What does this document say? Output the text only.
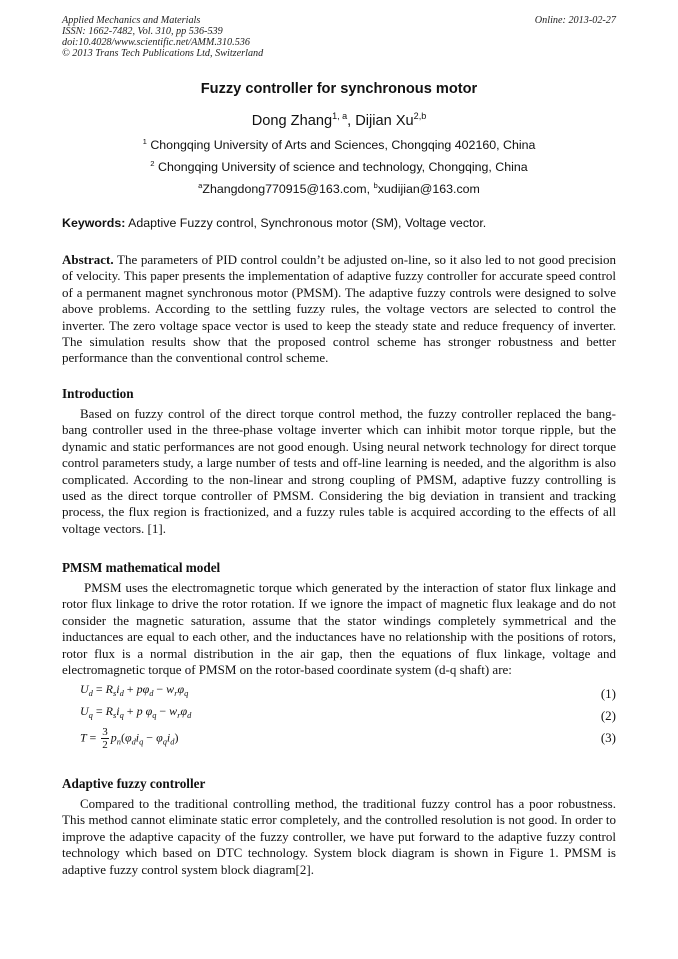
Applied Mechanics and Materials
ISSN: 1662-7482, Vol. 310, pp 536-539
doi:10.4028/www.scientific.net/AMM.310.536
© 2013 Trans Tech Publications Ltd, Switzerland
Online: 2013-02-27
Fuzzy controller for synchronous motor
Dong Zhang$^{1, a}$, Dijian Xu$^{2,b}$
$^1$ Chongqing University of Arts and Sciences, Chongqing 402160, China
$^2$ Chongqing University of science and technology, Chongqing, China
$^a$Zhangdong770915@163.com, $^b$xudijian@163.com
Keywords: Adaptive Fuzzy control, Synchronous motor (SM), Voltage vector.

Abstract. The parameters of PID control couldn’t be adjusted on-line, so it also led to not good precision of velocity. This paper presents the implementation of adaptive fuzzy controller for accurate speed control of a permanent magnet synchronous motor (PMSM). The adaptive fuzzy controls were designed to solve above problems. According to the settling fuzzy rules, the voltage vectors are selected to control the inverter. The zero voltage space vector is used to keep the steady state and reduce frequency of inverter. The simulation results show that the proposed control scheme has stronger robustness and better performance than the conventional control scheme.

Introduction

Based on fuzzy control of the direct torque control method, the fuzzy controller replaced the bang-bang controller used in the three-phase voltage inverter which can inhibit motor torque ripple, but the dynamic and static performances are not good enough. Using neural network technology for direct torque control parameters study, a large number of tests and off-line learning is needed, and the algorithm is also complicated. According to the non-linear and strong coupling of PMSM, adaptive fuzzy controlling is used as the direct torque controller of PMSM. Considering the big deviation in transient and tracking process, the flux region is fractionized, and a fuzzy rules table is acquired according to the effects of all voltage vectors. [1].

PMSM mathematical model

PMSM uses the electromagnetic torque which generated by the interaction of stator flux linkage and rotor flux linkage to drive the rotor rotation. If we ignore the impact of magnetic flux leakage and do not consider the magnetic saturation, assume that the stator windings completely symmetrical and the inductances are equal to each other, and the inductances have no relationship with the positions of rotors, rotor flux is a normal distribution in the air gap, then the equations of flux linkage, voltage and electromagnetic torque of PMSM on the rotor-based coordinate system (d-q shaft) are:

$U_d = R_si_d + p\varphi_d - w_r\varphi_q$	(1)
$U_q = R_si_q + p$ $\varphi_q - w_r\varphi_d$	(2)
$T = \frac{3}{2} p_n(\varphi_di_q - \varphi_qi_d)$	(3)
Adaptive fuzzy controller

Compared to the traditional controlling method, the traditional fuzzy control has a poor robustness. This method cannot eliminate static error completely, and the controlled resolution is not good. In order to improve the adaptive capacity of the fuzzy controller, we have put forward to the adaptive fuzzy control technology which based on DTC technology. System block diagram is shown in Figure 1. PMSM is adaptive fuzzy control system block diagram[2].
